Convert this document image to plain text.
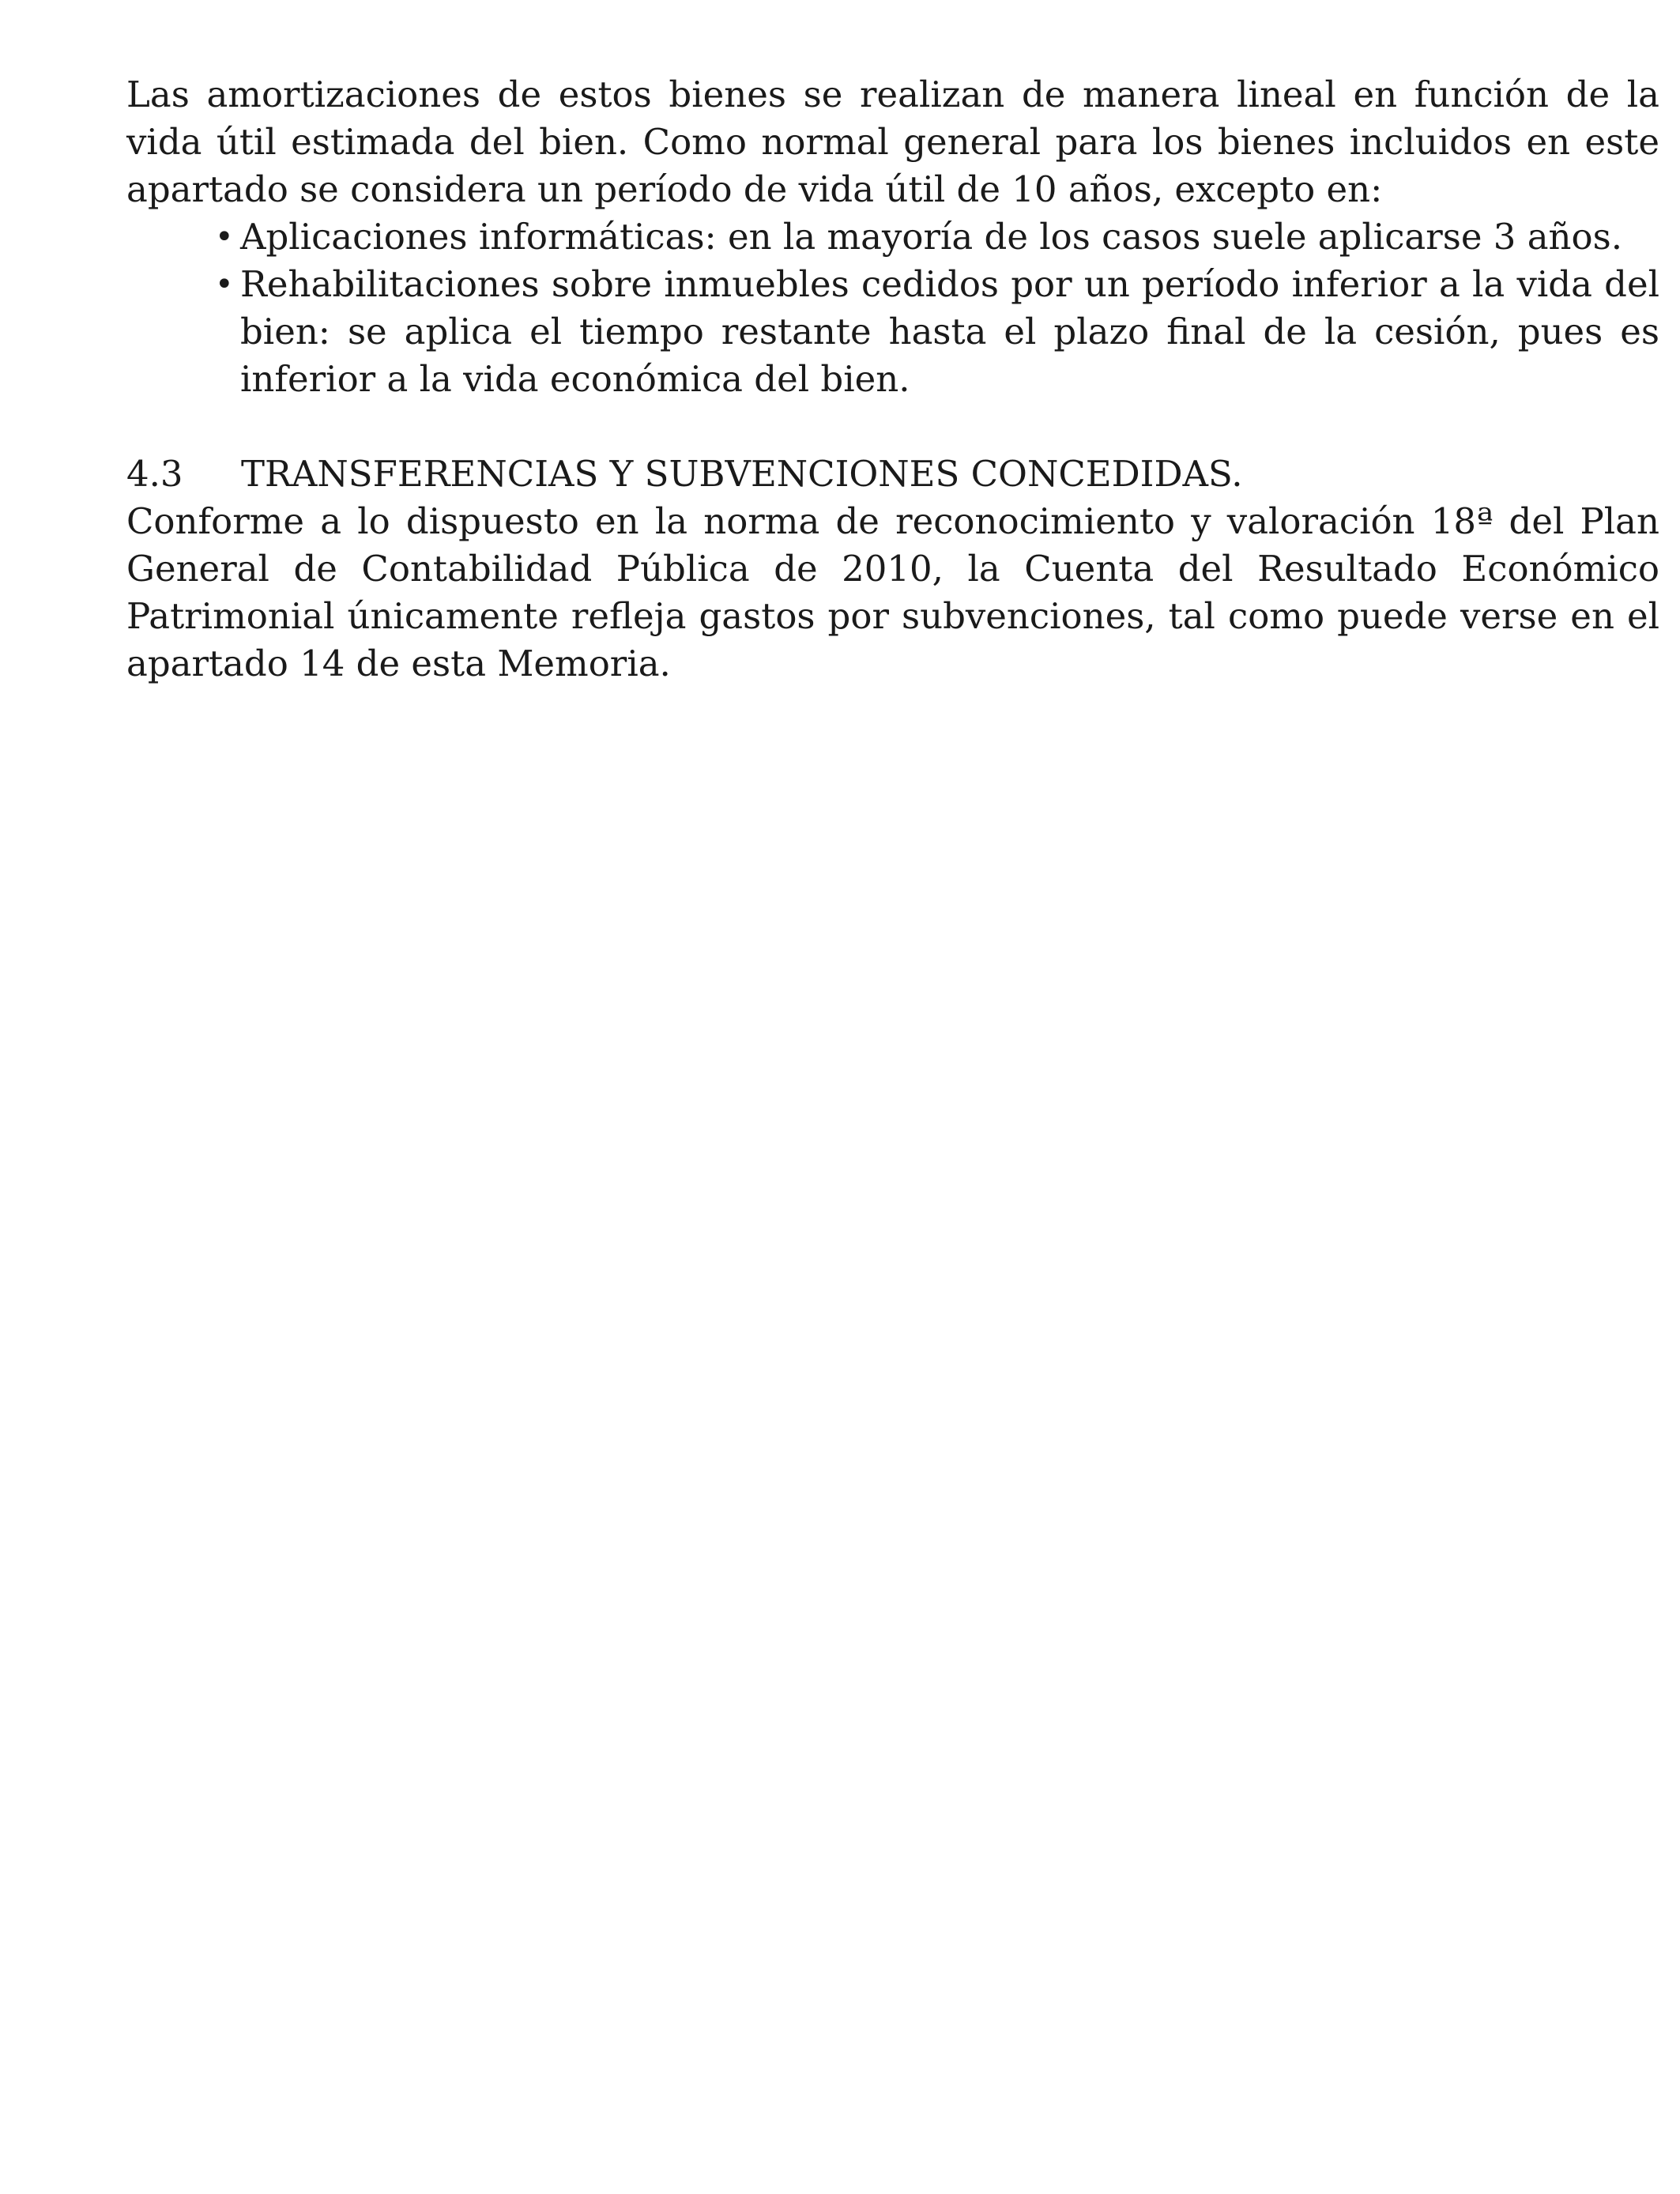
Las amortizaciones de estos bienes se realizan de manera lineal en función de la vida útil estimada del bien. Como normal general para los bienes incluidos en este apartado se considera un período de vida útil de 10 años, excepto en:

• Aplicaciones informáticas: en la mayoría de los casos suele aplicarse 3 años.
• Rehabilitaciones sobre inmuebles cedidos por un período inferior a la vida del bien: se aplica el tiempo restante hasta el plazo final de la cesión, pues es inferior a la vida económica del bien.
4.3	TRANSFERENCIAS Y SUBVENCIONES CONCEDIDAS.

Conforme a lo dispuesto en la norma de reconocimiento y valoración 18ª del Plan General de Contabilidad Pública de 2010, la Cuenta del Resultado Económico Patrimonial únicamente refleja gastos por subvenciones, tal como puede verse en el apartado 14 de esta Memoria.
